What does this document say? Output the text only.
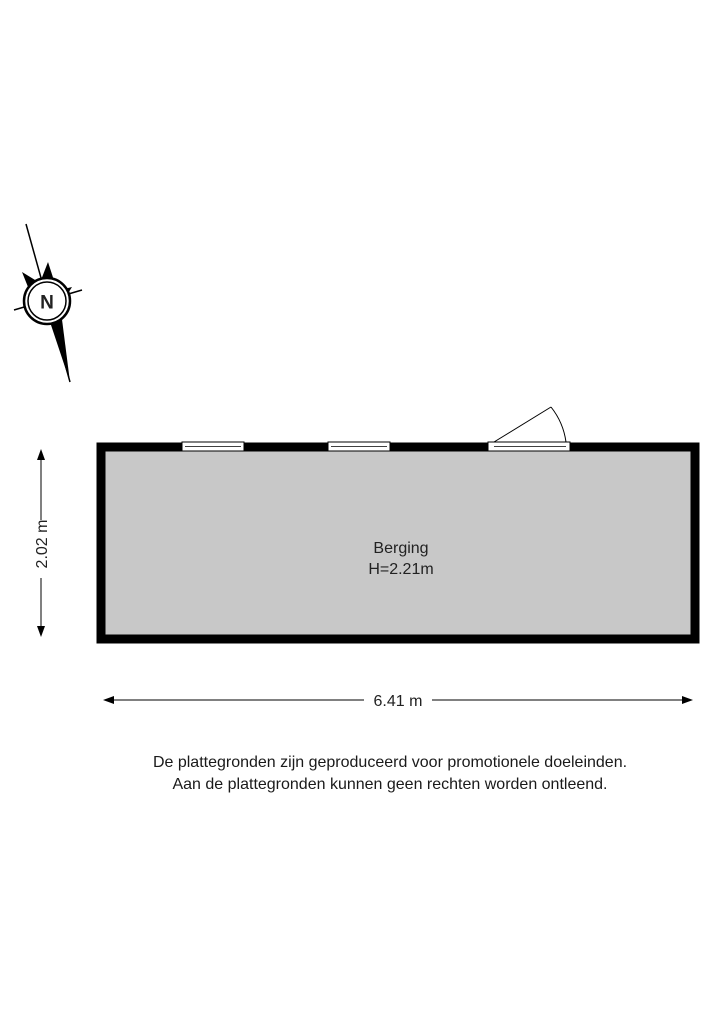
N
Berging
H=2.21m
2.02 m
6.41 m
De plattegronden zijn geproduceerd voor promotionele doeleinden.
Aan de plattegronden kunnen geen rechten worden ontleend.
